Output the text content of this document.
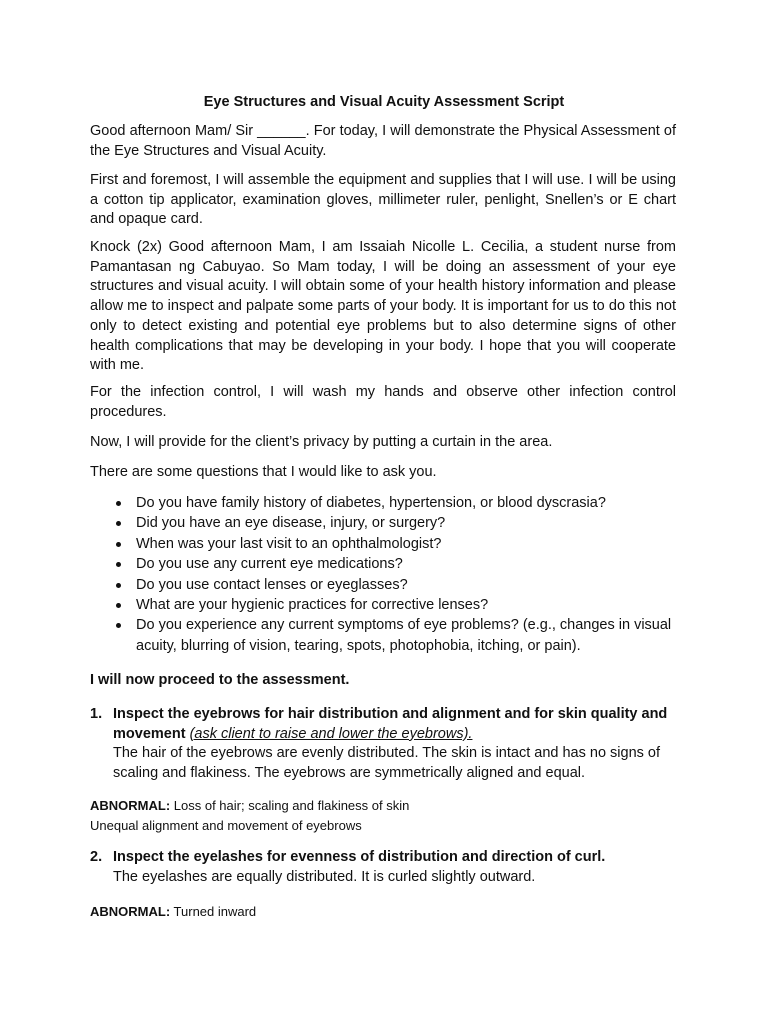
Eye Structures and Visual Acuity Assessment Script
Good afternoon Mam/ Sir ______. For today, I will demonstrate the Physical Assessment of the Eye Structures and Visual Acuity.
First and foremost, I will assemble the equipment and supplies that I will use. I will be using a cotton tip applicator, examination gloves, millimeter ruler, penlight, Snellen’s or E chart and opaque card.
Knock (2x) Good afternoon Mam, I am Issaiah Nicolle L. Cecilia, a student nurse from Pamantasan ng Cabuyao. So Mam today, I will be doing an assessment of your eye structures and visual acuity. I will obtain some of your health history information and please allow me to inspect and palpate some parts of your body. It is important for us to do this not only to detect existing and potential eye problems but to also determine signs of other health complications that may be developing in your body. I hope that you will cooperate with me.
For the infection control, I will wash my hands and observe other infection control procedures.
Now, I will provide for the client’s privacy by putting a curtain in the area.
There are some questions that I would like to ask you.
Do you have family history of diabetes, hypertension, or blood dyscrasia?
Did you have an eye disease, injury, or surgery?
When was your last visit to an ophthalmologist?
Do you use any current eye medications?
Do you use contact lenses or eyeglasses?
What are your hygienic practices for corrective lenses?
Do you experience any current symptoms of eye problems? (e.g., changes in visual acuity, blurring of vision, tearing, spots, photophobia, itching, or pain).
I will now proceed to the assessment.
1. Inspect the eyebrows for hair distribution and alignment and for skin quality and movement (ask client to raise and lower the eyebrows).
The hair of the eyebrows are evenly distributed. The skin is intact and has no signs of scaling and flakiness. The eyebrows are symmetrically aligned and equal.
ABNORMAL: Loss of hair; scaling and flakiness of skin
Unequal alignment and movement of eyebrows
2. Inspect the eyelashes for evenness of distribution and direction of curl.
The eyelashes are equally distributed. It is curled slightly outward.
ABNORMAL: Turned inward
